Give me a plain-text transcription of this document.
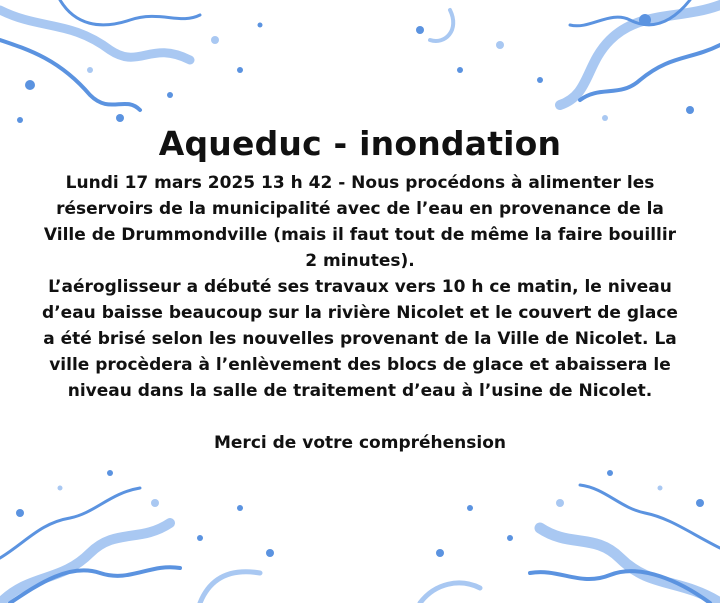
Aqueduc - inondation
Lundi 17 mars 2025 13 h 42 - Nous procédons à alimenter les
réservoirs de la municipalité avec de l’eau en provenance de la
Ville de Drummondville (mais il faut tout de même la faire bouillir
2 minutes).
L’aéroglisseur a débuté ses travaux vers 10 h ce matin, le niveau
d’eau baisse beaucoup sur la rivière Nicolet et le couvert de glace
a été brisé selon les nouvelles provenant de la Ville de Nicolet. La
ville procèdera à l’enlèvement des blocs de glace et abaissera le
niveau dans la salle de traitement d’eau à l’usine de Nicolet.
Merci de votre compréhension
